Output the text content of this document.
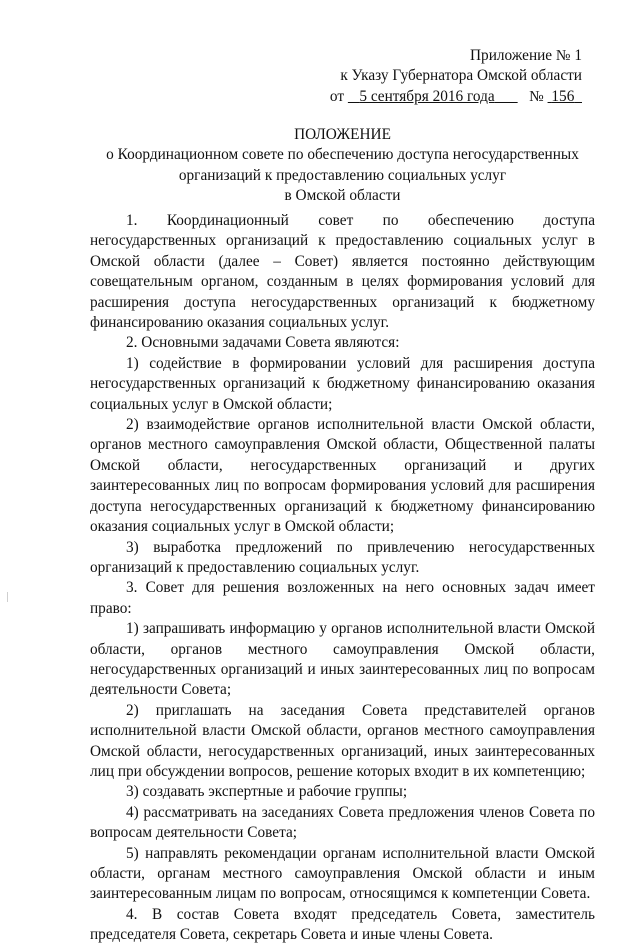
Приложение № 1
к Указу Губернатора Омской области
от 5 сентября 2016 года № 156
ПОЛОЖЕНИЕ
о Координационном совете по обеспечению доступа негосударственных
организаций к предоставлению социальных услуг
в Омской области

1. Координационный совет по обеспечению доступа негосударственных организаций к предоставлению социальных услуг в Омской области (далее – Совет) является постоянно действующим совещательным органом, созданным в целях формирования условий для расширения доступа негосударственных организаций к бюджетному финансированию оказания социальных услуг.

2. Основными задачами Совета являются:

1) содействие в формировании условий для расширения доступа негосударственных организаций к бюджетному финансированию оказания социальных услуг в Омской области;

2) взаимодействие органов исполнительной власти Омской области, органов местного самоуправления Омской области, Общественной палаты Омской области, негосударственных организаций и других заинтересованных лиц по вопросам формирования условий для расширения доступа негосударственных организаций к бюджетному финансированию оказания социальных услуг в Омской области;

3) выработка предложений по привлечению негосударственных организаций к предоставлению социальных услуг.

3. Совет для решения возложенных на него основных задач имеет право:

1) запрашивать информацию у органов исполнительной власти Омской области, органов местного самоуправления Омской области, негосударственных организаций и иных заинтересованных лиц по вопросам деятельности Совета;

2) приглашать на заседания Совета представителей органов исполнительной власти Омской области, органов местного самоуправления Омской области, негосударственных организаций, иных заинтересованных лиц при обсуждении вопросов, решение которых входит в их компетенцию;

3) создавать экспертные и рабочие группы;

4) рассматривать на заседаниях Совета предложения членов Совета по вопросам деятельности Совета;

5) направлять рекомендации органам исполнительной власти Омской области, органам местного самоуправления Омской области и иным заинтересованным лицам по вопросам, относящимся к компетенции Совета.

4. В состав Совета входят председатель Совета, заместитель председателя Совета, секретарь Совета и иные члены Совета.
